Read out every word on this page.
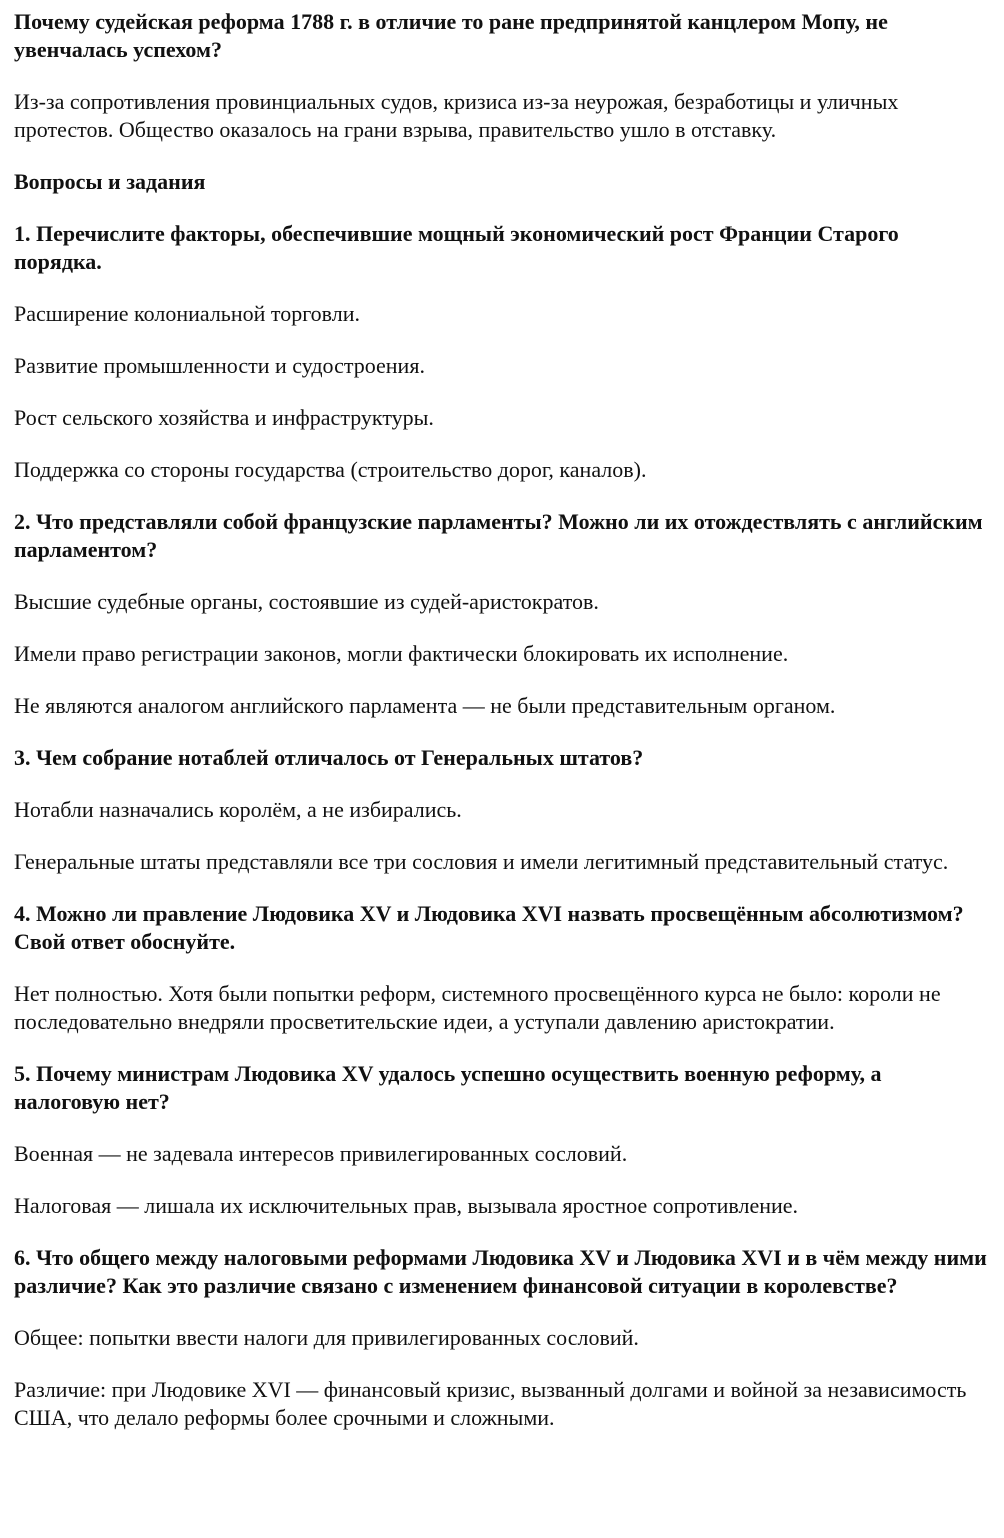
Почему судейская реформа 1788 г. в отличие то ране предпринятой канцлером Мопу, не увенчалась успехом?

Из-за сопротивления провинциальных судов, кризиса из-за неурожая, безработицы и уличных протестов. Общество оказалось на грани взрыва, правительство ушло в отставку.

Вопросы и задания

1. Перечислите факторы, обеспечившие мощный экономический рост Франции Старого порядка.

Расширение колониальной торговли.

Развитие промышленности и судостроения.

Рост сельского хозяйства и инфраструктуры.

Поддержка со стороны государства (строительство дорог, каналов).

2. Что представляли собой французские парламенты? Можно ли их отождествлять с английским парламентом?

Высшие судебные органы, состоявшие из судей-аристократов.

Имели право регистрации законов, могли фактически блокировать их исполнение.

Не являются аналогом английского парламента — не были представительным органом.

3. Чем собрание нотаблей отличалось от Генеральных штатов?

Нотабли назначались королём, а не избирались.

Генеральные штаты представляли все три сословия и имели легитимный представительный статус.

4. Можно ли правление Людовика XV и Людовика XVI назвать просвещённым абсолютизмом? Свой ответ обоснуйте.

Нет полностью. Хотя были попытки реформ, системного просвещённого курса не было: короли не последовательно внедряли просветительские идеи, а уступали давлению аристократии.

5. Почему министрам Людовика XV удалось успешно осуществить военную реформу, а налоговую нет?

Военная — не задевала интересов привилегированных сословий.

Налоговая — лишала их исключительных прав, вызывала яростное сопротивление.

6. Что общего между налоговыми реформами Людовика XV и Людовика XVI и в чём между ними различие? Как это различие связано с изменением финансовой ситуации в королевстве?

Общее: попытки ввести налоги для привилегированных сословий.

Различие: при Людовике XVI — финансовый кризис, вызванный долгами и войной за независимость США, что делало реформы более срочными и сложными.
